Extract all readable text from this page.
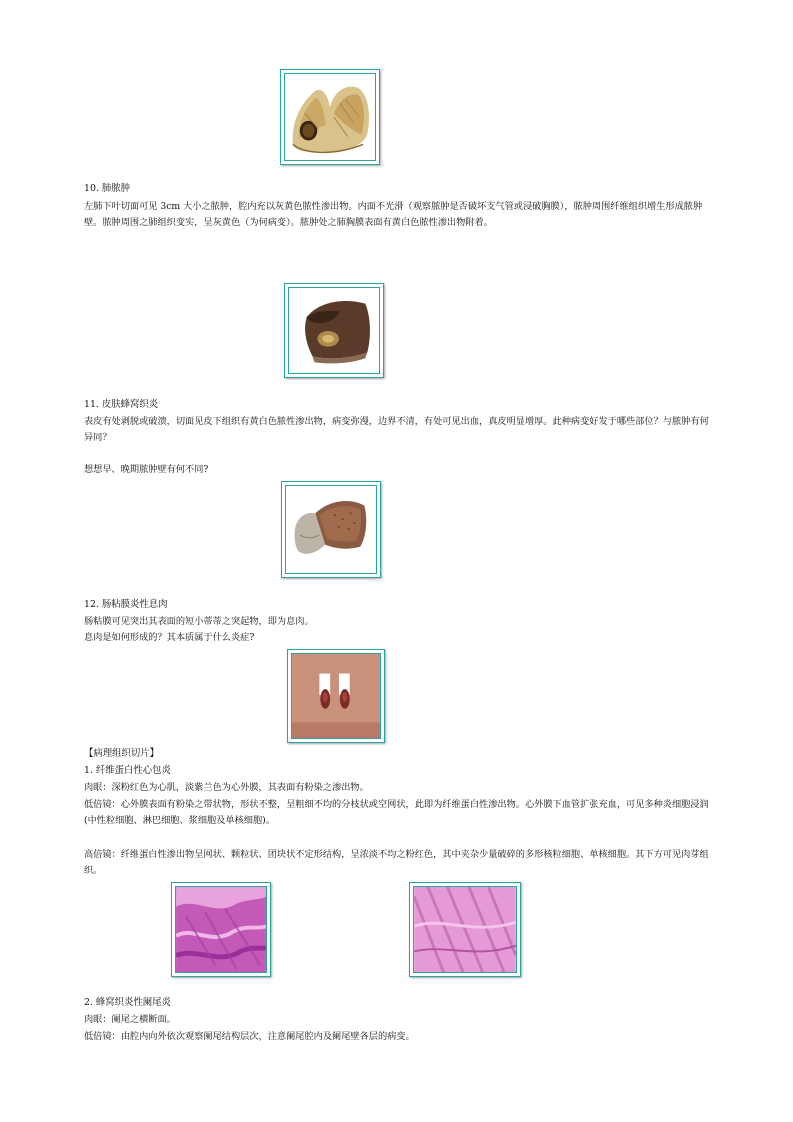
10. 肺脓肿
左肺下叶切面可见 3cm 大小之脓肿，腔内充以灰黄色脓性渗出物。内面不光滑（观察脓肿是否破坏支气管或浸破胸膜），脓肿周围纤维组织增生形成脓肿壁。脓肿周围之肺组织变实，呈灰黄色（为何病变）。脓肿处之肺胸膜表面有黄白色脓性渗出物附着。
11. 皮肤蜂窝织炎
表皮有处剥脱或破溃，切面见皮下组织有黄白色脓性渗出物，病变弥漫，边界不清，有处可见出血，真皮明显增厚。此种病变好发于哪些部位？与脓肿有何异同？
想想早、晚期脓肿壁有何不同?
12. 肠粘膜炎性息肉
肠粘膜可见突出其表面的短小蒂蒂之突起物，即为息肉。
息肉是如何形成的？其本质属于什么炎症?
【病理组织切片】
1. 纤维蛋白性心包炎
肉眼：深粉红色为心肌，淡紫兰色为心外膜，其表面有粉染之渗出物。
低倍镜：心外膜表面有粉染之带状物，形状不整，呈粗细不均的分枝状或空网状，此即为纤维蛋白性渗出物。心外膜下血管扩张充血，可见多种炎细胞浸润(中性粒细胞、淋巴细胞、浆细胞及单核细胞)。
高倍镜：纤维蛋白性渗出物呈网状、颗粒状、团块状不定形结构，呈浓淡不均之粉红色，其中夹杂少量破碎的多形核粒细胞、单核细胞。其下方可见肉芽组织。
2. 蜂窝织炎性阑尾炎
肉眼：阑尾之横断面。
低倍镜：由腔内向外依次观察阑尾结构层次，注意阑尾腔内及阑尾壁各层的病变。
